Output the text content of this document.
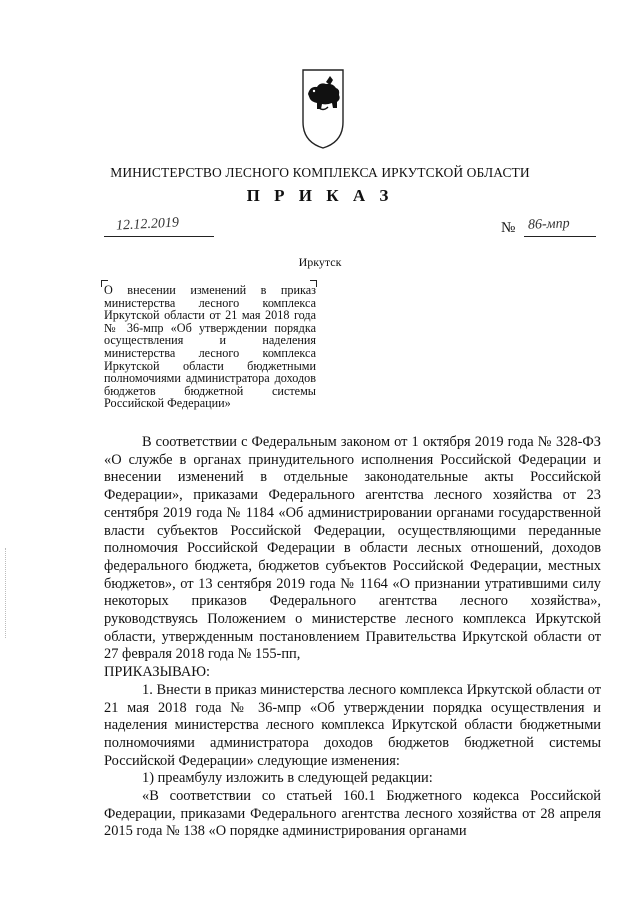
МИНИСТЕРСТВО ЛЕСНОГО КОМПЛЕКСА ИРКУТСКОЙ ОБЛАСТИ
П Р И К А З
12.12.2019	№ 86-мпр
Иркутск

О внесении изменений в приказ министерства лесного комплекса Иркутской области от 21 мая 2018 года № 36-мпр «Об утверждении порядка осуществления и наделения министерства лесного комплекса Иркутской области бюджетными полномочиями администратора доходов бюджетов бюджетной системы Российской Федерации»

В соответствии с Федеральным законом от 1 октября 2019 года № 328-ФЗ «О службе в органах принудительного исполнения Российской Федерации и внесении изменений в отдельные законодательные акты Российской Федерации», приказами Федерального агентства лесного хозяйства от 23 сентября 2019 года № 1184 «Об администрировании органами государственной власти субъектов Российской Федерации, осуществляющими переданные полномочия Российской Федерации в области лесных отношений, доходов федерального бюджета, бюджетов субъектов Российской Федерации, местных бюджетов», от 13 сентября 2019 года № 1164 «О признании утратившими силу некоторых приказов Федерального агентства лесного хозяйства», руководствуясь Положением о министерстве лесного комплекса Иркутской области, утвержденным постановлением Правительства Иркутской области от 27 февраля 2018 года № 155-пп,

ПРИКАЗЫВАЮ:

1. Внести в приказ министерства лесного комплекса Иркутской области от 21 мая 2018 года № 36-мпр «Об утверждении порядка осуществления и наделения министерства лесного комплекса Иркутской области бюджетными полномочиями администратора доходов бюджетов бюджетной системы Российской Федерации» следующие изменения:

1) преамбулу изложить в следующей редакции:

«В соответствии со статьей 160.1 Бюджетного кодекса Российской Федерации, приказами Федерального агентства лесного хозяйства от 28 апреля 2015 года № 138 «О порядке администрирования органами
